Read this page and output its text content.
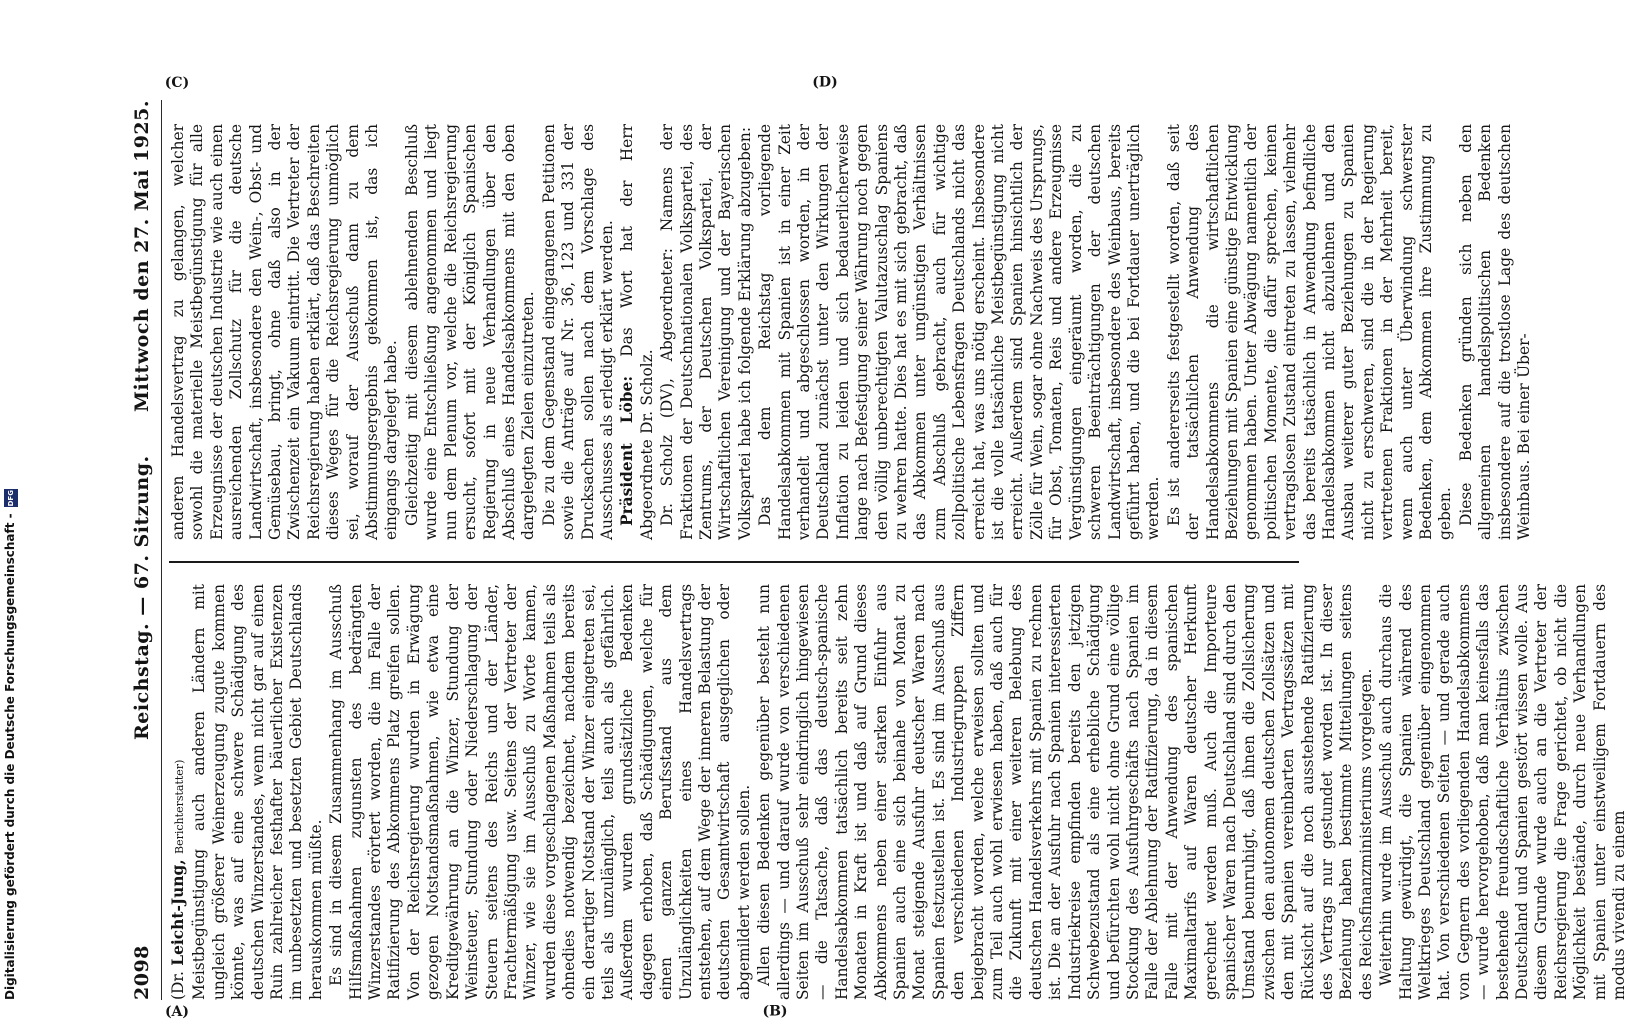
2098
Reichstag. — 67. Sitzung.
Mittwoch den 27. Mai 1925.

(Dr. Leicht-Jung, Berichterstatter) Meistbegünstigung auch anderen Ländern mit ungleich größerer Weinerzeugung zugute kommen könnte, was auf eine schwere Schädigung des deutschen Winzerstandes, wenn nicht gar auf einen Ruin zahlreicher festhafter bäuerlicher Existenzen im unbesetzten und besetzten Gebiet Deutschlands herauskommen müßte. Es sind in diesem Zusammenhang im Ausschuß Hilfsmaßnahmen zugunsten des bedrängten Winzerstandes erörtert worden, die im Falle der Ratifizierung des Abkommens Platz greifen sollen. Von der Reichsregierung wurden in Erwägung gezogen Notstandsmaßnahmen, wie etwa eine Kreditgewährung an die Winzer, Stundung der Weinsteuer, Stundung oder Niederschlagung der Steuern seitens des Reichs und der Länder, Frachtermäßigung usw. Seitens der Vertreter der Winzer, wie sie im Ausschuß zu Worte kamen, wurden diese vorgeschlagenen Maßnahmen teils als ohnedies notwendig bezeichnet, nachdem bereits ein derartiger Notstand der Winzer eingetreten sei, teils als unzulänglich, teils auch als gefährlich. Außerdem wurden grundsätzliche Bedenken dagegen erhoben, daß Schädigungen, welche für einen ganzen Berufsstand aus dem Unzulänglichkeiten eines Handelsvertrags entstehen, auf dem Wege der inneren Belastung der deutschen Gesamtwirtschaft ausgeglichen oder abgemildert werden sollen. Allen diesen Bedenken gegenüber besteht nun allerdings — und darauf wurde von verschiedenen Seiten im Ausschuß sehr eindringlich hingewiesen — die Tatsache, daß das deutsch-spanische Handelsabkommen tatsächlich bereits seit zehn Monaten in Kraft ist und daß auf Grund dieses Abkommens neben einer starken Einfuhr aus Spanien auch eine sich beinahe von Monat zu Monat steigende Ausfuhr deutscher Waren nach Spanien festzustellen ist. Es sind im Ausschuß aus den verschiedenen Industriegruppen Ziffern beigebracht worden, welche erweisen sollten und zum Teil auch wohl erwiesen haben, daß auch für die Zukunft mit einer weiteren Belebung des deutschen Handelsverkehrs mit Spanien zu rechnen ist. Die an der Ausfuhr nach Spanien interessierten Industriekreise empfinden bereits den jetzigen Schwebezustand als eine erhebliche Schädigung und befürchten wohl nicht ohne Grund eine völlige Stockung des Ausfuhrgeschäfts nach Spanien im Falle der Ablehnung der Ratifizierung, da in diesem Falle mit der Anwendung des spanischen Maximaltarifs auf Waren deutscher Herkunft gerechnet werden muß. Auch die Importeure spanischer Waren nach Deutschland sind durch den Umstand beunruhigt, daß ihnen die Zollsicherung zwischen den autonomen deutschen Zollsätzen und den mit Spanien vereinbarten Vertragssätzen mit Rücksicht auf die noch ausstehende Ratifizierung des Vertrags nur gestundet worden ist. In dieser Beziehung haben bestimmte Mitteilungen seitens des Reichsfinanzministeriums vorgelegen. Weiterhin wurde im Ausschuß auch durchaus die Haltung gewürdigt, die Spanien während des Weltkrieges Deutschland gegenüber eingenommen hat. Von verschiedenen Seiten — und gerade auch von Gegnern des vorliegenden Handelsabkommens — wurde hervorgehoben, daß man keinesfalls das bestehende freundschaftliche Verhältnis zwischen Deutschland und Spanien gestört wissen wolle. Aus diesem Grunde wurde auch an die Vertreter der Reichsregierung die Frage gerichtet, ob nicht die Möglichkeit bestände, durch neue Verhandlungen mit Spanien unter einstweiligem Fortdauern des modus vivendi zu einem

anderen Handelsvertrag zu gelangen, welcher sowohl die materielle Meistbegünstigung für alle Erzeugnisse der deutschen Industrie wie auch einen ausreichenden Zollschutz für die deutsche Landwirtschaft, insbesondere den Wein-, Obst- und Gemüsebau, bringt, ohne daß also in der Zwischenzeit ein Vakuum eintritt. Die Vertreter der Reichsregierung haben erklärt, daß das Beschreiten dieses Weges für die Reichsregierung unmöglich sei, worauf der Ausschuß dann zu dem Abstimmungsergebnis gekommen ist, das ich eingangs dargelegt habe. Gleichzeitig mit diesem ablehnenden Beschluß wurde eine Entschließung angenommen und liegt nun dem Plenum vor, welche die Reichsregierung ersucht, sofort mit der Königlich Spanischen Regierung in neue Verhandlungen über den Abschluß eines Handelsabkommens mit den oben dargelegten Zielen einzutreten. Die zu dem Gegenstand eingegangenen Petitionen sowie die Anträge auf Nr. 36, 123 und 331 der Drucksachen sollen nach dem Vorschlage des Ausschusses als erledigt erklärt werden. Präsident Löbe: Das Wort hat der Herr Abgeordnete Dr. Scholz. Dr. Scholz (DV), Abgeordneter: Namens der Fraktionen der Deutschnationalen Volkspartei, des Zentrums, der Deutschen Volkspartei, der Wirtschaftlichen Vereinigung und der Bayerischen Volkspartei habe ich folgende Erklärung abzugeben: Das dem Reichstag vorliegende Handelsabkommen mit Spanien ist in einer Zeit verhandelt und abgeschlossen worden, in der Deutschland zunächst unter den Wirkungen der Inflation zu leiden und sich bedauerlicherweise lange nach Befestigung seiner Währung noch gegen den völlig unberechtigten Valutazuschlag Spaniens zu wehren hatte. Dies hat es mit sich gebracht, daß das Abkommen unter ungünstigen Verhältnissen zum Abschluß gebracht, auch für wichtige zollpolitische Lebensfragen Deutschlands nicht das erreicht hat, was uns nötig erscheint. Insbesondere ist die volle tatsächliche Meistbegünstigung nicht erreicht. Außerdem sind Spanien hinsichtlich der Zölle für Wein, sogar ohne Nachweis des Ursprungs, für Obst, Tomaten, Reis und andere Erzeugnisse Vergünstigungen eingeräumt worden, die zu schweren Beeinträchtigungen der deutschen Landwirtschaft, insbesondere des Weinbaus, bereits geführt haben, und die bei Fortdauer unerträglich werden. Es ist andererseits festgestellt worden, daß seit der tatsächlichen Anwendung des Handelsabkommens die wirtschaftlichen Beziehungen mit Spanien eine günstige Entwicklung genommen haben. Unter Abwägung namentlich der politischen Momente, die dafür sprechen, keinen vertragslosen Zustand eintreten zu lassen, vielmehr das bereits tatsächlich in Anwendung befindliche Handelsabkommen nicht abzulehnen und den Ausbau weiterer guter Beziehungen zu Spanien nicht zu erschweren, sind die in der Regierung vertretenen Fraktionen in der Mehrheit bereit, wenn auch unter Überwindung schwerster Bedenken, dem Abkommen ihre Zustimmung zu geben. Diese Bedenken gründen sich neben den allgemeinen handelspolitischen Bedenken insbesondere auf die trostlose Lage des deutschen Weinbaus. Bei einer Über-

(A)	(B)
(C)	(D)
Digitalisierung gefördert durch die Deutsche Forschungsgemeinschaft - DFG
